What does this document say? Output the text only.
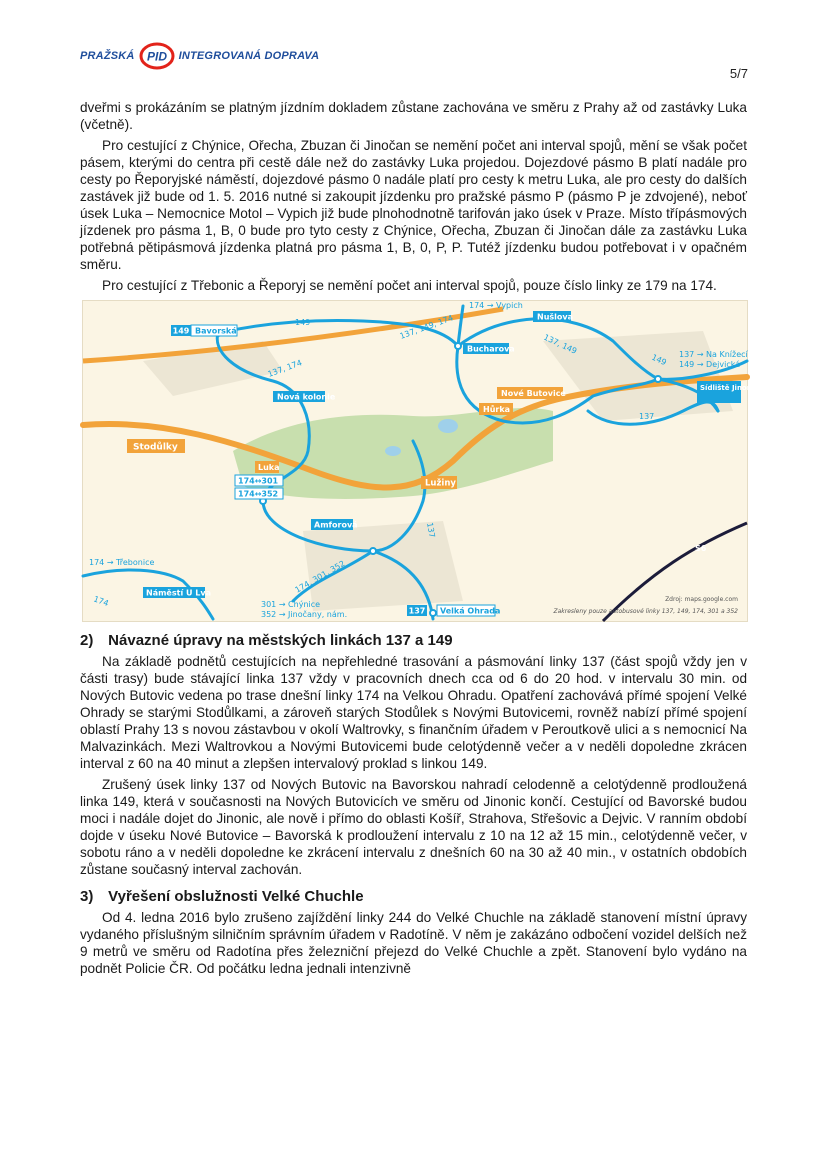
PRAŽSKÁ PID INTEGROVANÁ DOPRAVA
5/7

dveřmi s prokázáním se platným jízdním dokladem zůstane zachována ve směru z Prahy až od zastávky Luka (včetně).

Pro cestující z Chýnice, Ořecha, Zbuzan či Jinočan se nemění počet ani interval spojů, mění se však počet pásem, kterými do centra při cestě dále než do zastávky Luka projedou. Dojezdové pásmo B platí nadále pro cesty po Řeporyjské náměstí, dojezdové pásmo 0 nadále platí pro cesty k metru Luka, ale pro cesty do dalších zastávek již bude od 1. 5. 2016 nutné si zakoupit jízdenku pro pražské pásmo P (pásmo P je zdvojené), neboť úsek Luka – Nemocnice Motol – Vypich již bude plnohodnotně tarifován jako úsek v Praze. Místo třípásmových jízdenek pro pásma 1, B, 0 bude pro tyto cesty z Chýnice, Ořecha, Zbuzan či Jinočan dále za zastávku Luka potřebná pětipásmová jízdenka platná pro pásma 1, B, 0, P, P. Tutéž jízdenku budou potřebovat i v opačném směru.

Pro cestující z Třebonic a Řeporyj se nemění počet ani interval spojů, pouze číslo linky ze 179 na 174.

149 Bavorská
Nová kolonie
Stodůlky
Luka
174↔301
174↔352
Amforová
Náměstí U Lva
137 Velká Ohrada
Lužiny
Hůrka
Nové Butovice
Bucharova
Nušlova
Sídliště Jinonice
149
137, 174
137, 149, 174
137, 149
149
137
137
174, 301, 352
174
174 → Vypich
137 → Na Knížecí
149 → Dejvická
174 → Třebonice
301 → Chýnice
352 → Jinočany, nám.
S6
Zdroj: maps.google.com
Zakresleny pouze autobusové linky 137, 149, 174, 301 a 352
2) Návazné úpravy na městských linkách 137 a 149

Na základě podnětů cestujících na nepřehledné trasování a pásmování linky 137 (část spojů vždy jen v části trasy) bude stávající linka 137 vždy v pracovních dnech cca od 6 do 20 hod. v intervalu 30 min. od Nových Butovic vedena po trase dnešní linky 174 na Velkou Ohradu. Opatření zachovává přímé spojení Velké Ohrady se starými Stodůlkami, a zároveň starých Stodůlek s Novými Butovicemi, rovněž nabízí přímé spojení oblastí Prahy 13 s novou zástavbou v okolí Waltrovky, s finančním úřadem v Peroutkově ulici a s nemocnicí Na Malvazinkách. Mezi Waltrovkou a Novými Butovicemi bude celotýdenně večer a v neděli dopoledne zkrácen interval z 60 na 40 minut a zlepšen intervalový proklad s linkou 149.

Zrušený úsek linky 137 od Nových Butovic na Bavorskou nahradí celodenně a celotýdenně prodloužená linka 149, která v současnosti na Nových Butovicích ve směru od Jinonic končí. Cestující od Bavorské budou moci i nadále dojet do Jinonic, ale nově i přímo do oblasti Košíř, Strahova, Střešovic a Dejvic. V ranním období dojde v úseku Nové Butovice – Bavorská k prodloužení intervalu z 10 na 12 až 15 min., celotýdenně večer, v sobotu ráno a v neděli dopoledne ke zkrácení intervalu z dnešních 60 na 30 až 40 min., v ostatních obdobích zůstane současný interval zachován.

3) Vyřešení obslužnosti Velké Chuchle

Od 4. ledna 2016 bylo zrušeno zajíždění linky 244 do Velké Chuchle na základě stanovení místní úpravy vydaného příslušným silničním správním úřadem v Radotíně. V něm je zakázáno odbočení vozidel delších než 9 metrů ve směru od Radotína přes železniční přejezd do Velké Chuchle a zpět. Stanovení bylo vydáno na podnět Policie ČR. Od počátku ledna jednali intenzivně
